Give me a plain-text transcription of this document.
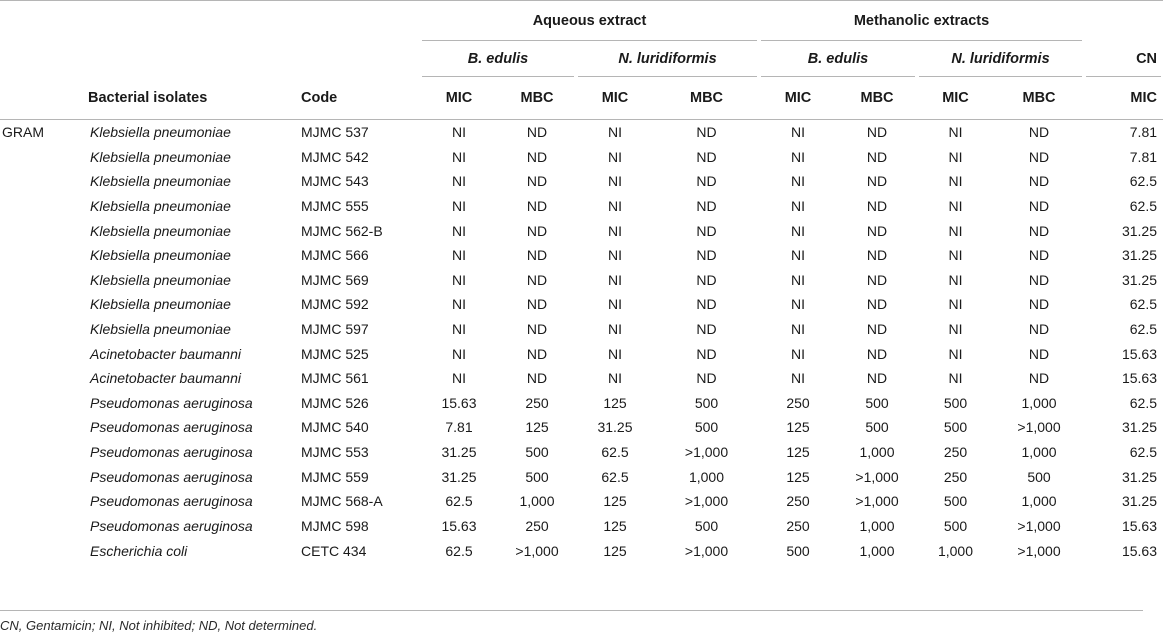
			Aqueous extract				Methanolic extracts				
			B. edulis		N. luridiformis		B. edulis		N. luridiformis		CN
	Bacterial isolates	Code	MIC	MBC	MIC	MBC	MIC	MBC	MIC	MBC	MIC
GRAM	Klebsiella pneumoniae	MJMC 537	NI	ND	NI	ND	NI	ND	NI	ND	7.81
	Klebsiella pneumoniae	MJMC 542	NI	ND	NI	ND	NI	ND	NI	ND	7.81
	Klebsiella pneumoniae	MJMC 543	NI	ND	NI	ND	NI	ND	NI	ND	62.5
	Klebsiella pneumoniae	MJMC 555	NI	ND	NI	ND	NI	ND	NI	ND	62.5
	Klebsiella pneumoniae	MJMC 562-B	NI	ND	NI	ND	NI	ND	NI	ND	31.25
	Klebsiella pneumoniae	MJMC 566	NI	ND	NI	ND	NI	ND	NI	ND	31.25
	Klebsiella pneumoniae	MJMC 569	NI	ND	NI	ND	NI	ND	NI	ND	31.25
	Klebsiella pneumoniae	MJMC 592	NI	ND	NI	ND	NI	ND	NI	ND	62.5
	Klebsiella pneumoniae	MJMC 597	NI	ND	NI	ND	NI	ND	NI	ND	62.5
	Acinetobacter baumanni	MJMC 525	NI	ND	NI	ND	NI	ND	NI	ND	15.63
	Acinetobacter baumanni	MJMC 561	NI	ND	NI	ND	NI	ND	NI	ND	15.63
	Pseudomonas aeruginosa	MJMC 526	15.63	250	125	500	250	500	500	1,000	62.5
	Pseudomonas aeruginosa	MJMC 540	7.81	125	31.25	500	125	500	500	>1,000	31.25
	Pseudomonas aeruginosa	MJMC 553	31.25	500	62.5	>1,000	125	1,000	250	1,000	62.5
	Pseudomonas aeruginosa	MJMC 559	31.25	500	62.5	1,000	125	>1,000	250	500	31.25
	Pseudomonas aeruginosa	MJMC 568-A	62.5	1,000	125	>1,000	250	>1,000	500	1,000	31.25
	Pseudomonas aeruginosa	MJMC 598	15.63	250	125	500	250	1,000	500	>1,000	15.63
	Escherichia coli	CETC 434	62.5	>1,000	125	>1,000	500	1,000	1,000	>1,000	15.63
CN, Gentamicin; NI, Not inhibited; ND, Not determined.
